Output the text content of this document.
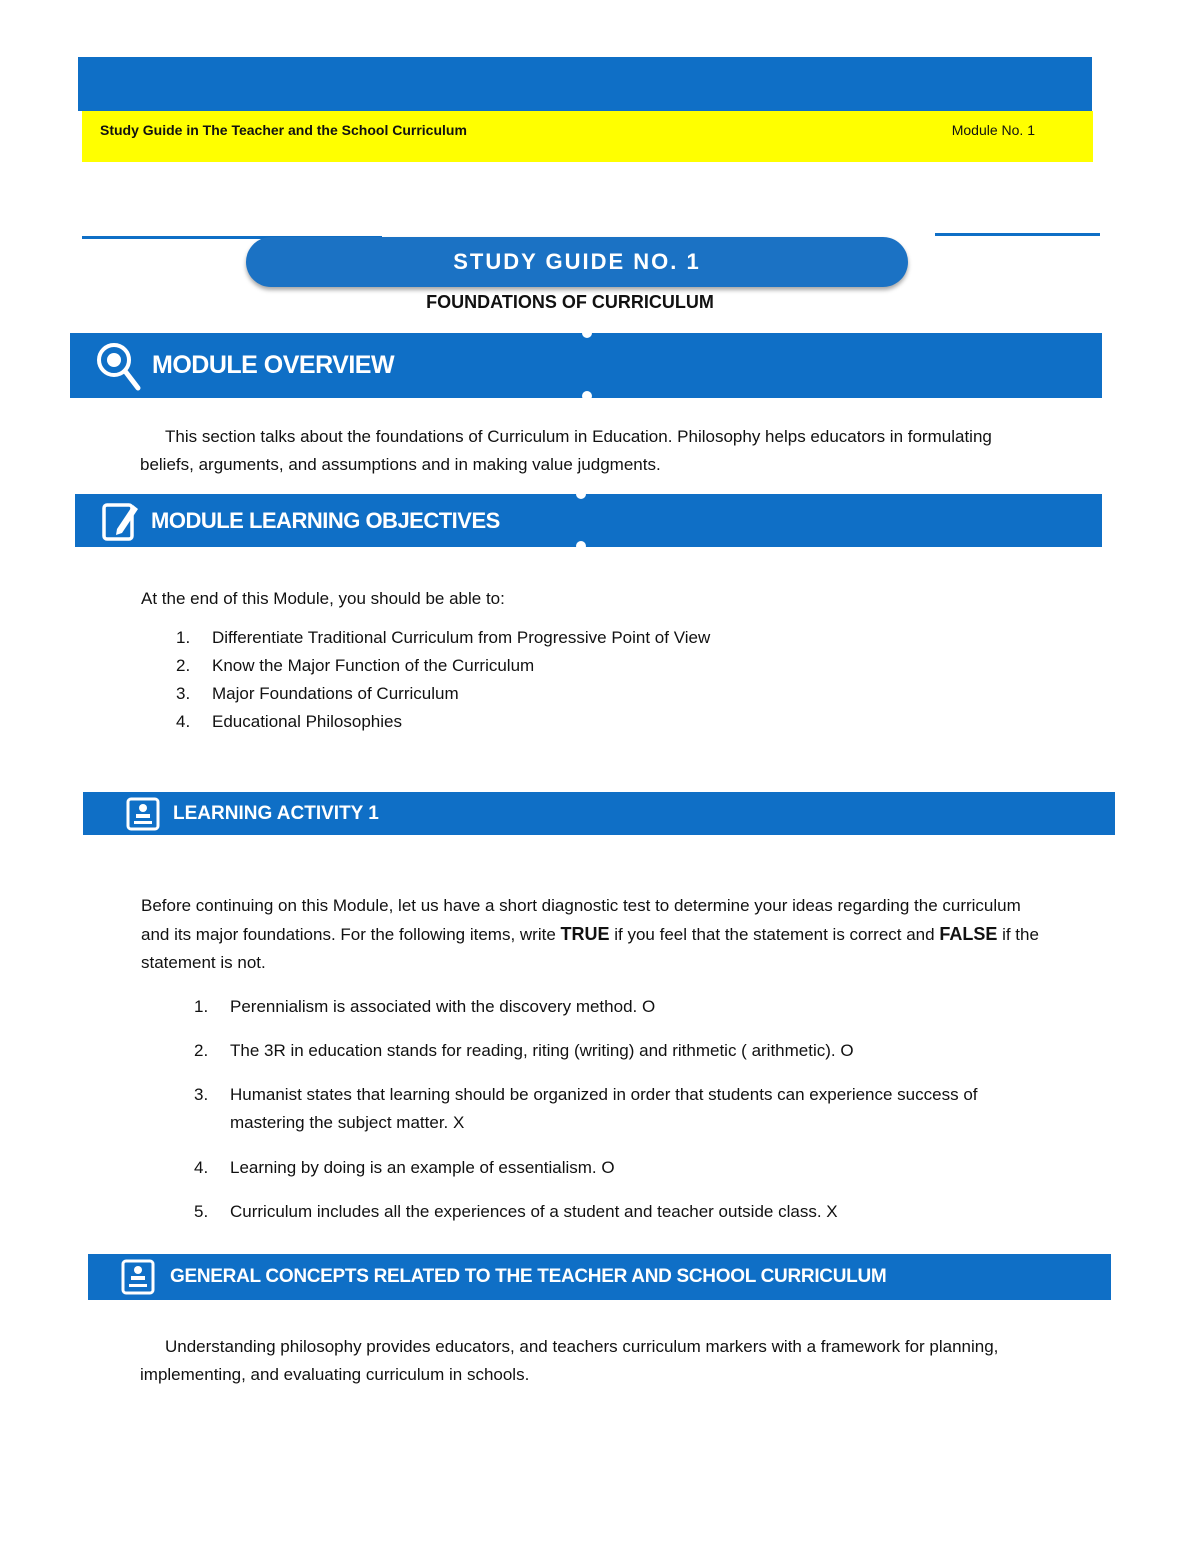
Study Guide in The Teacher and the School Curriculum	Module No. 1
STUDY GUIDE NO. 1
FOUNDATIONS OF CURRICULUM
MODULE OVERVIEW
This section talks about the foundations of Curriculum in Education. Philosophy helps educators in formulating beliefs, arguments, and assumptions and in making value judgments.
MODULE LEARNING OBJECTIVES
At the end of this Module, you should be able to:
1. Differentiate Traditional Curriculum from Progressive Point of View
2. Know the Major Function of the Curriculum
3. Major Foundations of Curriculum
4. Educational Philosophies
LEARNING ACTIVITY 1
Before continuing on this Module, let us have a short diagnostic test to determine your ideas regarding the curriculum and its major foundations. For the following items, write TRUE if you feel that the statement is correct and FALSE if the statement is not.
1. Perennialism is associated with the discovery method. O
2. The 3R in education stands for reading, riting (writing) and rithmetic ( arithmetic). O
3. Humanist states that learning should be organized in order that students can experience success of mastering the subject matter. X
4. Learning by doing is an example of essentialism. O
5. Curriculum includes all the experiences of a student and teacher outside class. X
GENERAL CONCEPTS RELATED TO THE TEACHER AND SCHOOL CURRICULUM
Understanding philosophy provides educators, and teachers curriculum markers with a framework for planning, implementing, and evaluating curriculum in schools.
